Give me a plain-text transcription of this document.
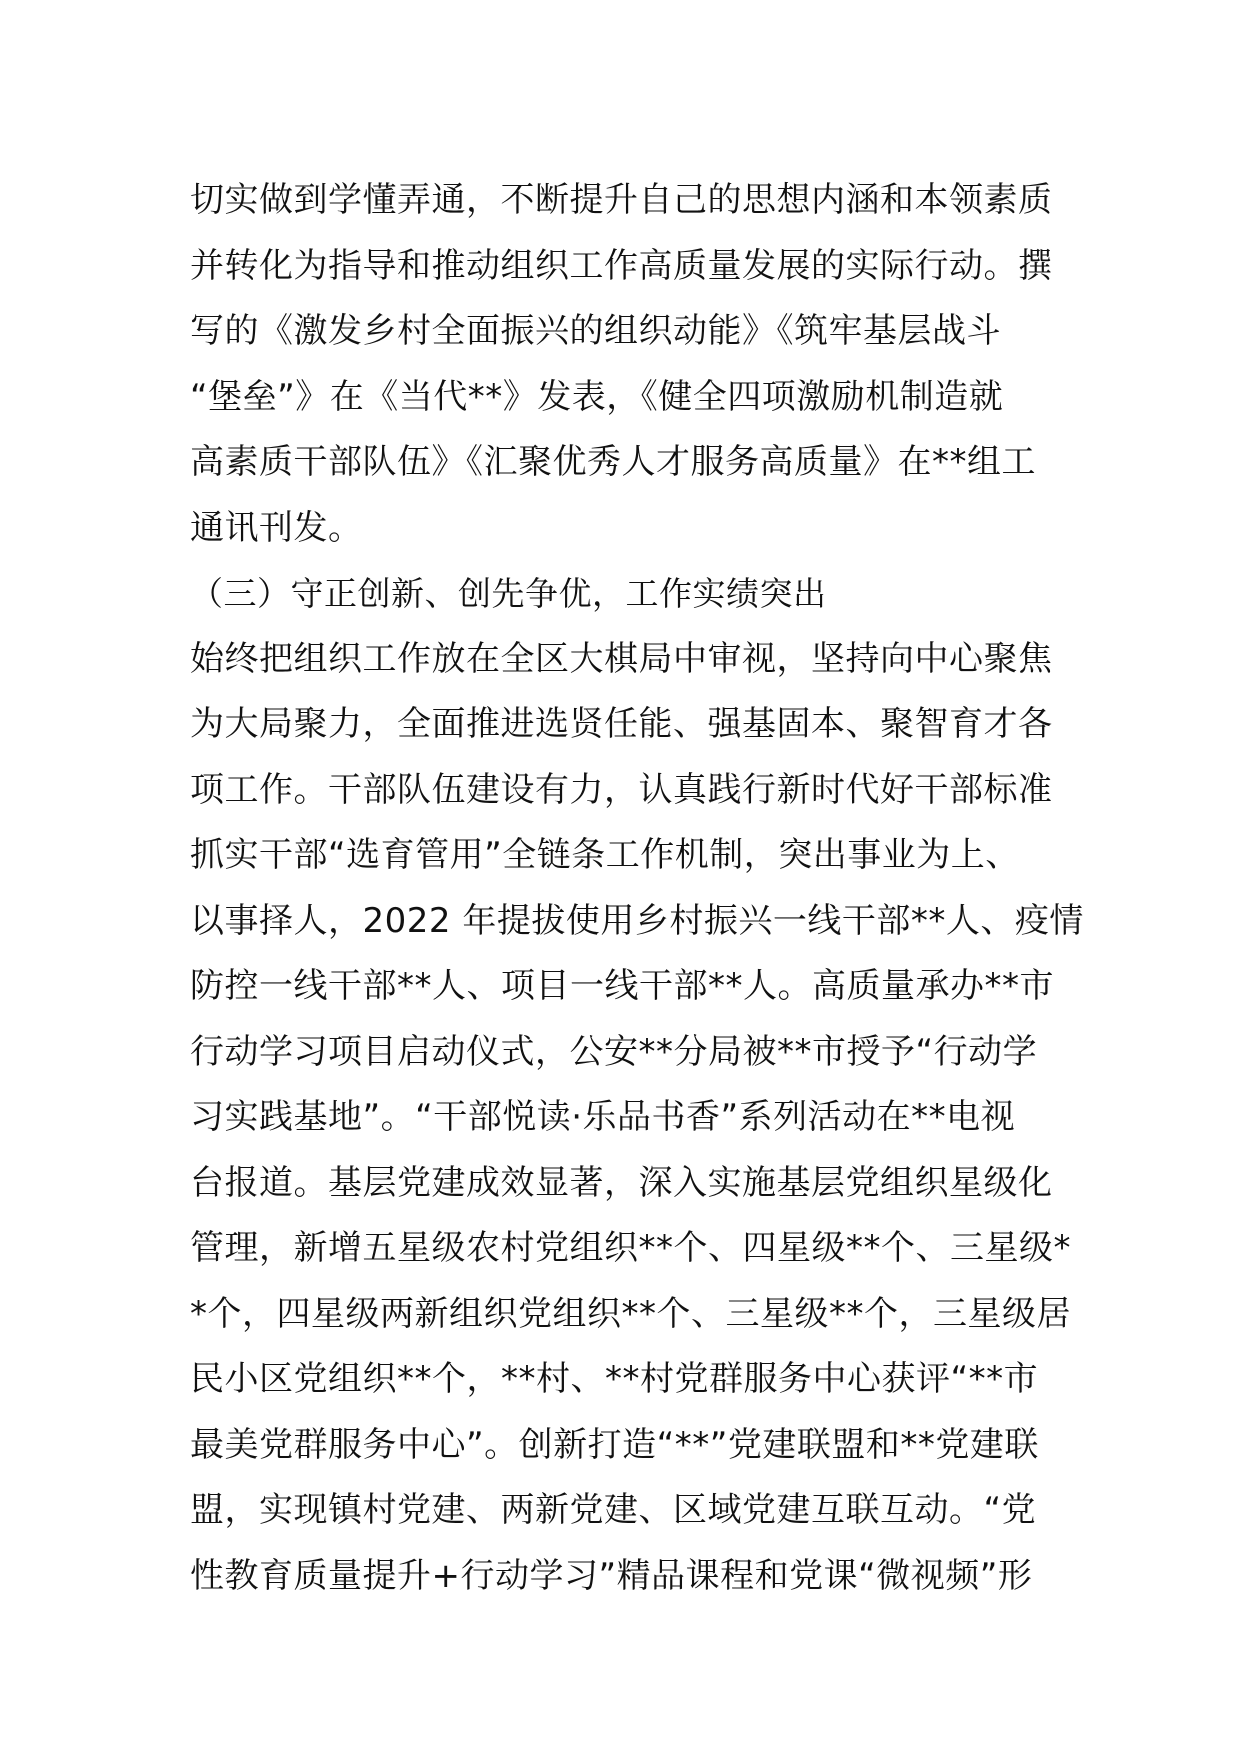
切实做到学懂弄通，不断提升自己的思想内涵和本领素质
并转化为指导和推动组织工作高质量发展的实际行动。撰
写的《激发乡村全面振兴的组织动能》《筑牢基层战斗
“堡垒”》在《当代**》发表，《健全四项激励机制造就
高素质干部队伍》《汇聚优秀人才服务高质量》在**组工
通讯刊发。
（三）守正创新、创先争优，工作实绩突出
始终把组织工作放在全区大棋局中审视，坚持向中心聚焦
为大局聚力，全面推进选贤任能、强基固本、聚智育才各
项工作。干部队伍建设有力，认真践行新时代好干部标准
抓实干部“选育管用”全链条工作机制，突出事业为上、
以事择人，2022 年提拔使用乡村振兴一线干部**人、疫情
防控一线干部**人、项目一线干部**人。高质量承办**市
行动学习项目启动仪式，公安**分局被**市授予“行动学
习实践基地”。“干部悦读·乐品书香”系列活动在**电视
台报道。基层党建成效显著，深入实施基层党组织星级化
管理，新增五星级农村党组织**个、四星级**个、三星级*
*个，四星级两新组织党组织**个、三星级**个，三星级居
民小区党组织**个，**村、**村党群服务中心获评“**市
最美党群服务中心”。创新打造“**”党建联盟和**党建联
盟，实现镇村党建、两新党建、区域党建互联互动。“党
性教育质量提升+行动学习”精品课程和党课“微视频”形
